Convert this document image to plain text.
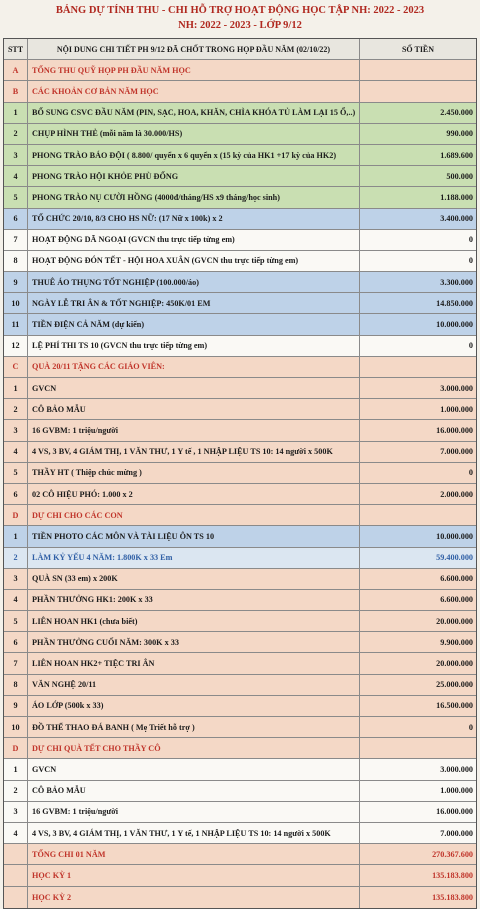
BẢNG DỰ TÍNH THU - CHI HỖ TRỢ HOẠT ĐỘNG HỌC TẬP NH: 2022 - 2023
NH: 2022 - 2023 - LỚP 9/12
STT	NỘI DUNG CHI TIẾT PH 9/12 ĐÃ CHỐT TRONG HỌP ĐẦU NĂM (02/10/22)	SỐ TIỀN
A	TỔNG THU QUỸ HỌP PH ĐẦU NĂM HỌC
B	CÁC KHOẢN CƠ BẢN NĂM HỌC
1	BỔ SUNG CSVC ĐẦU NĂM (PIN, SẠC, HOA, KHĂN, CHÌA KHÓA TỦ LÀM LẠI 15 Ổ,..)	2.450.000
2	CHỤP HÌNH THẺ (mỗi năm là 30.000/HS)	990.000
3	PHONG TRÀO BÁO ĐỘI ( 8.800/ quyển x 6 quyển x (15 kỳ của HK1 +17 kỳ của HK2)	1.689.600
4	PHONG TRÀO HỘI KHỎE PHÙ ĐỔNG	500.000
5	PHONG TRÀO NỤ CƯỜI HỒNG (4000đ/tháng/HS x9 tháng/học sinh)	1.188.000
6	TỔ CHỨC 20/10, 8/3 CHO HS NỮ: (17 Nữ x 100k) x 2	3.400.000
7	HOẠT ĐỘNG DÃ NGOẠI (GVCN thu trực tiếp từng em)	0
8	HOẠT ĐỘNG ĐÓN TẾT - HỘI HOA XUÂN (GVCN thu trực tiếp từng em)	0
9	THUÊ ÁO THỤNG TỐT NGHIỆP (100.000/áo)	3.300.000
10	NGÀY LỄ TRI ÂN & TỐT NGHIỆP: 450K/01 EM	14.850.000
11	TIỀN ĐIỆN CẢ NĂM (dự kiến)	10.000.000
12	LỆ PHÍ THI TS 10 (GVCN thu trực tiếp từng em)	0
C	QUÀ 20/11 TẶNG CÁC GIÁO VIÊN:
1	GVCN	3.000.000
2	CÔ BẢO MẪU	1.000.000
3	16 GVBM: 1 triệu/người	16.000.000
4	4 VS, 3 BV, 4 GIÁM THỊ, 1 VĂN THƯ, 1 Y tế , 1 NHẬP LIỆU TS 10: 14 người x 500K	7.000.000
5	THẦY HT ( Thiệp chúc mừng )	0
6	02 CÔ HIỆU PHÓ: 1.000 x 2	2.000.000
D	DỰ CHI CHO CÁC CON
1	TIỀN PHOTO CÁC MÔN VÀ TÀI LIỆU ÔN TS 10	10.000.000
2	LÀM KỶ YẾU 4 NĂM: 1.800K x 33 Em	59.400.000
3	QUÀ SN (33 em) x 200K	6.600.000
4	PHẦN THƯỞNG HK1: 200K x 33	6.600.000
5	LIÊN HOAN HK1 (chưa biết)	20.000.000
6	PHẦN THƯỞNG CUỐI NĂM: 300K x 33	9.900.000
7	LIÊN HOAN HK2+ TIỆC TRI ÂN	20.000.000
8	VĂN NGHỆ 20/11	25.000.000
9	ÁO LỚP (500k x 33)	16.500.000
10	ĐỒ THỂ THAO ĐÁ BANH ( Mẹ Triết hỗ trợ )	0
D	DỰ CHI QUÀ TẾT CHO THẦY CÔ
1	GVCN	3.000.000
2	CÔ BẢO MẪU	1.000.000
3	16 GVBM: 1 triệu/người	16.000.000
4	4 VS, 3 BV, 4 GIÁM THỊ, 1 VĂN THƯ, 1 Y tế, 1 NHẬP LIỆU TS 10: 14 người x 500K	7.000.000
TỔNG CHI 01 NĂM	270.367.600
HỌC KỲ 1	135.183.800
HỌC KỲ 2	135.183.800
